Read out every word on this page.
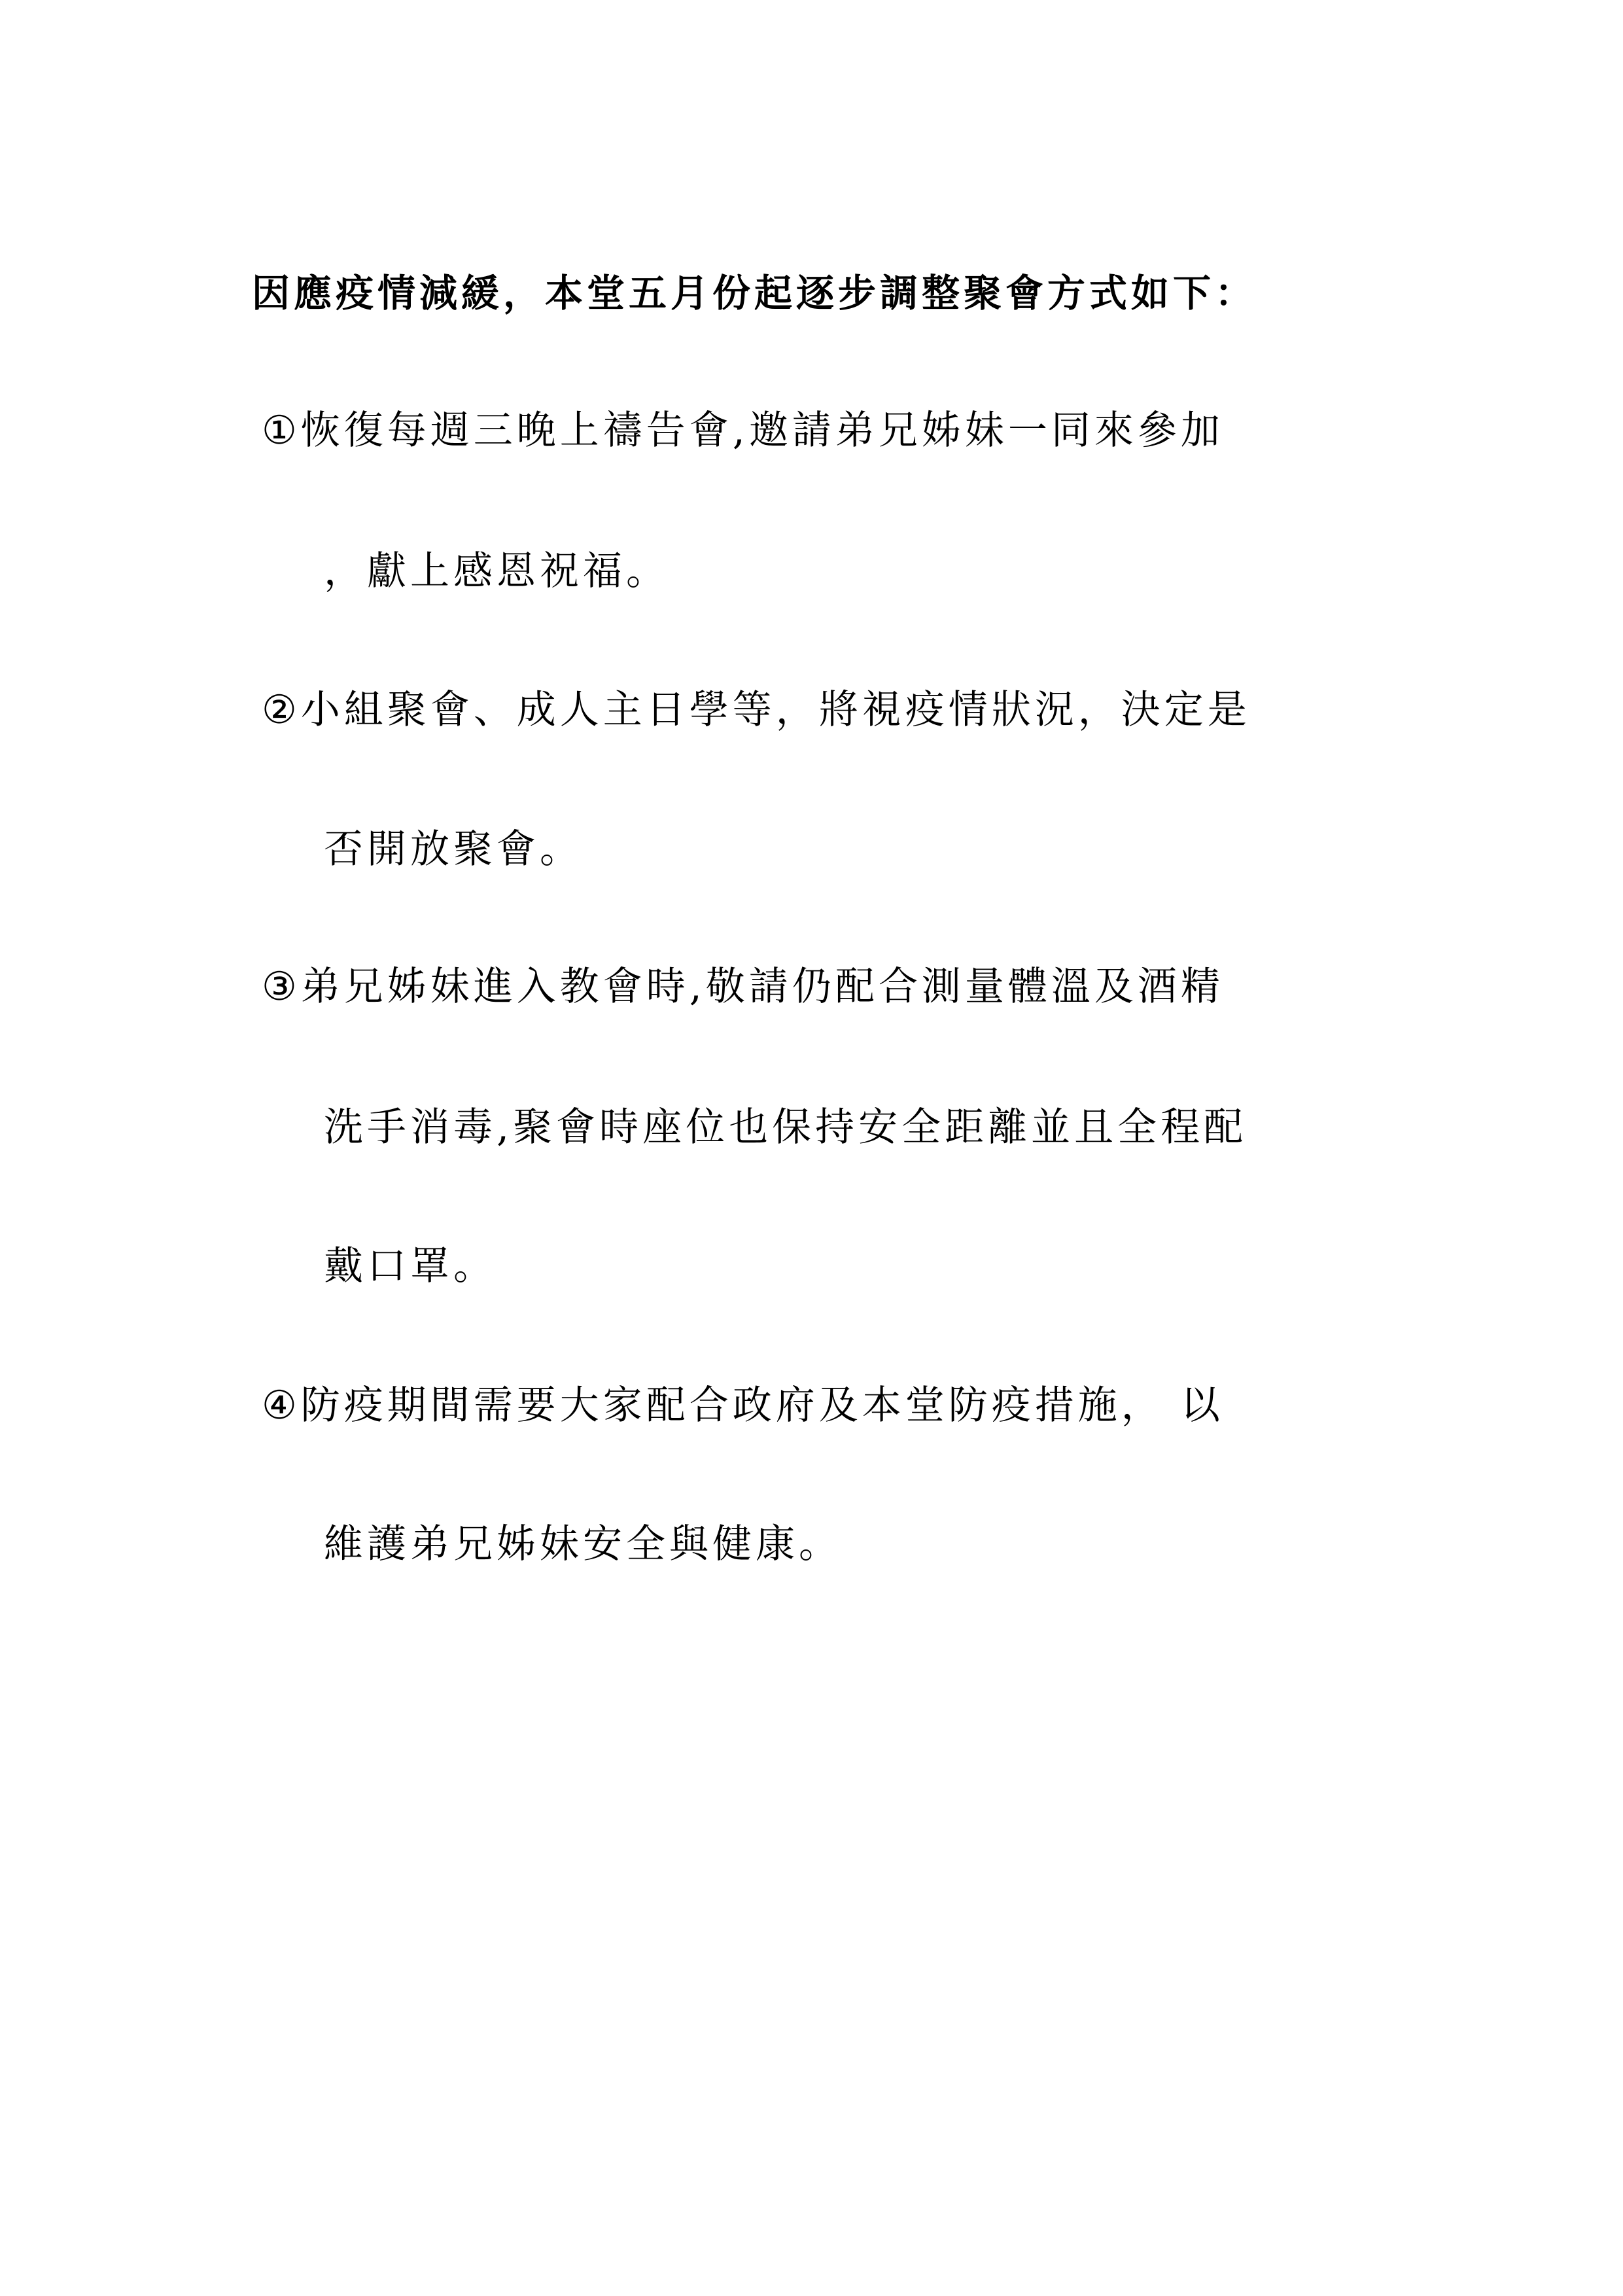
因應疫情減緩，本堂五月份起逐步調整聚會方式如下：
①恢復每週三晚上禱告會,邀請弟兄姊妹一同來參加
，獻上感恩祝福。
②小組聚會、成人主日學等，將視疫情狀況，決定是
否開放聚會。
③弟兄姊妹進入教會時,敬請仍配合測量體溫及酒精
洗手消毒,聚會時座位也保持安全距離並且全程配
戴口罩。
④防疫期間需要大家配合政府及本堂防疫措施， 以
維護弟兄姊妹安全與健康。
